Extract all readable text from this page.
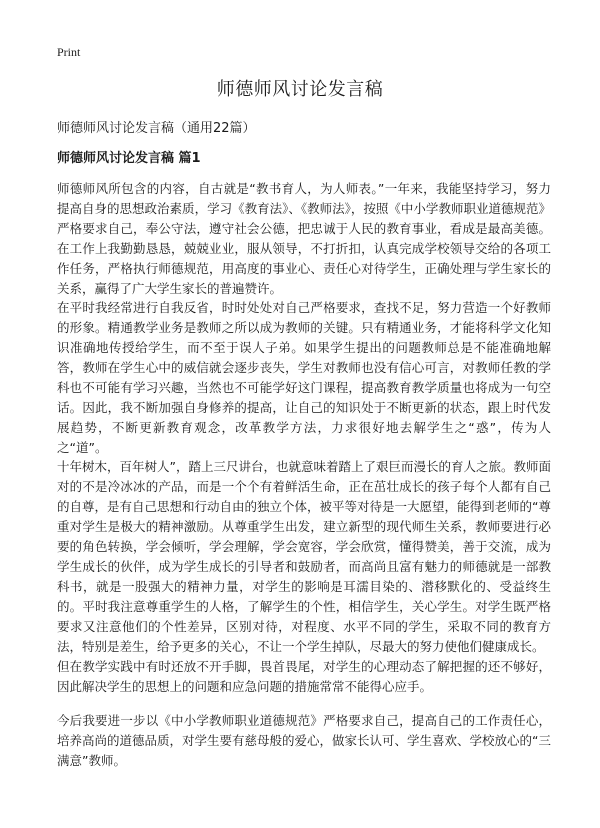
Print
师德师风讨论发言稿

师德师风讨论发言稿（通用22篇）

师德师风讨论发言稿 篇1

师德师风所包含的内容，自古就是“教书育人，为人师表。”一年来，我能坚持学习，努力提高自身的思想政治素质，学习《教育法》、《教师法》，按照《中小学教师职业道德规范》严格要求自己，奉公守法，遵守社会公德，把忠诚于人民的教育事业，看成是最高美德。在工作上我勤勤恳恳，兢兢业业，服从领导，不打折扣，认真完成学校领导交给的各项工作任务，严格执行师德规范，用高度的事业心、责任心对待学生，正确处理与学生家长的关系，赢得了广大学生家长的普遍赞许。

在平时我经常进行自我反省，时时处处对自己严格要求，查找不足，努力营造一个好教师的形象。精通教学业务是教师之所以成为教师的关键。只有精通业务，才能将科学文化知识准确地传授给学生，而不至于误人子弟。如果学生提出的问题教师总是不能准确地解答，教师在学生心中的威信就会逐步丧失，学生对教师也没有信心可言，对教师任教的学科也不可能有学习兴趣，当然也不可能学好这门课程，提高教育教学质量也将成为一句空话。因此，我不断加强自身修养的提高，让自己的知识处于不断更新的状态，跟上时代发展趋势，不断更新教育观念，改革教学方法，力求很好地去解学生之“惑”，传为人之“道”。

十年树木，百年树人”，踏上三尺讲台，也就意味着踏上了艰巨而漫长的育人之旅。教师面对的不是冷冰冰的产品，而是一个个有着鲜活生命，正在茁壮成长的孩子每个人都有自己的自尊，是有自己思想和行动自由的独立个体，被平等对待是一大愿望，能得到老师的“尊重对学生是极大的精神激励。从尊重学生出发，建立新型的现代师生关系，教师要进行必要的角色转换，学会倾听，学会理解，学会宽容，学会欣赏，懂得赞美，善于交流，成为学生成长的伙伴，成为学生成长的引导者和鼓励者，而高尚且富有魅力的师德就是一部教科书，就是一股强大的精神力量，对学生的影响是耳濡目染的、潜移默化的、受益终生的。平时我注意尊重学生的人格，了解学生的个性，相信学生，关心学生。对学生既严格要求又注意他们的个性差异，区别对待，对程度、水平不同的学生，采取不同的教育方法，特别是差生，给予更多的关心，不让一个学生掉队，尽最大的努力使他们健康成长。

但在教学实践中有时还放不开手脚，畏首畏尾，对学生的心理动态了解把握的还不够好，因此解决学生的思想上的问题和应急问题的措施常常不能得心应手。

今后我要进一步以《中小学教师职业道德规范》严格要求自己，提高自己的工作责任心，培养高尚的道德品质，对学生要有慈母般的爱心，做家长认可、学生喜欢、学校放心的“三满意”教师。
